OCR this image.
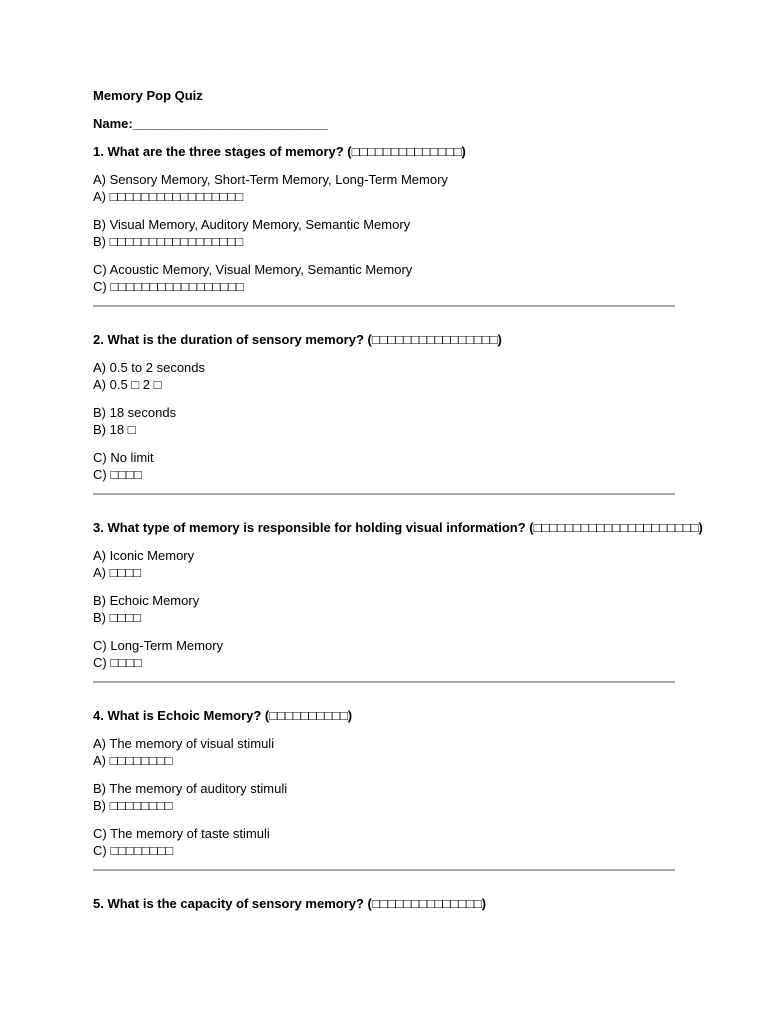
Memory Pop Quiz
Name:___________________________
1. What are the three stages of memory? (□□□□□□□□□□□□□□)
A) Sensory Memory, Short-Term Memory, Long-Term Memory
A) □□□□□□□□□□□□□□□□□
B) Visual Memory, Auditory Memory, Semantic Memory
B) □□□□□□□□□□□□□□□□□
C) Acoustic Memory, Visual Memory, Semantic Memory
C) □□□□□□□□□□□□□□□□□
2. What is the duration of sensory memory? (□□□□□□□□□□□□□□□□)
A) 0.5 to 2 seconds
A) 0.5 □ 2 □
B) 18 seconds
B) 18 □
C) No limit
C) □□□□
3. What type of memory is responsible for holding visual information? (□□□□□□□□□□□□□□□□□□□□□)
A) Iconic Memory
A) □□□□
B) Echoic Memory
B) □□□□
C) Long-Term Memory
C) □□□□
4. What is Echoic Memory? (□□□□□□□□□□)
A) The memory of visual stimuli
A) □□□□□□□□
B) The memory of auditory stimuli
B) □□□□□□□□
C) The memory of taste stimuli
C) □□□□□□□□
5. What is the capacity of sensory memory? (□□□□□□□□□□□□□□)
